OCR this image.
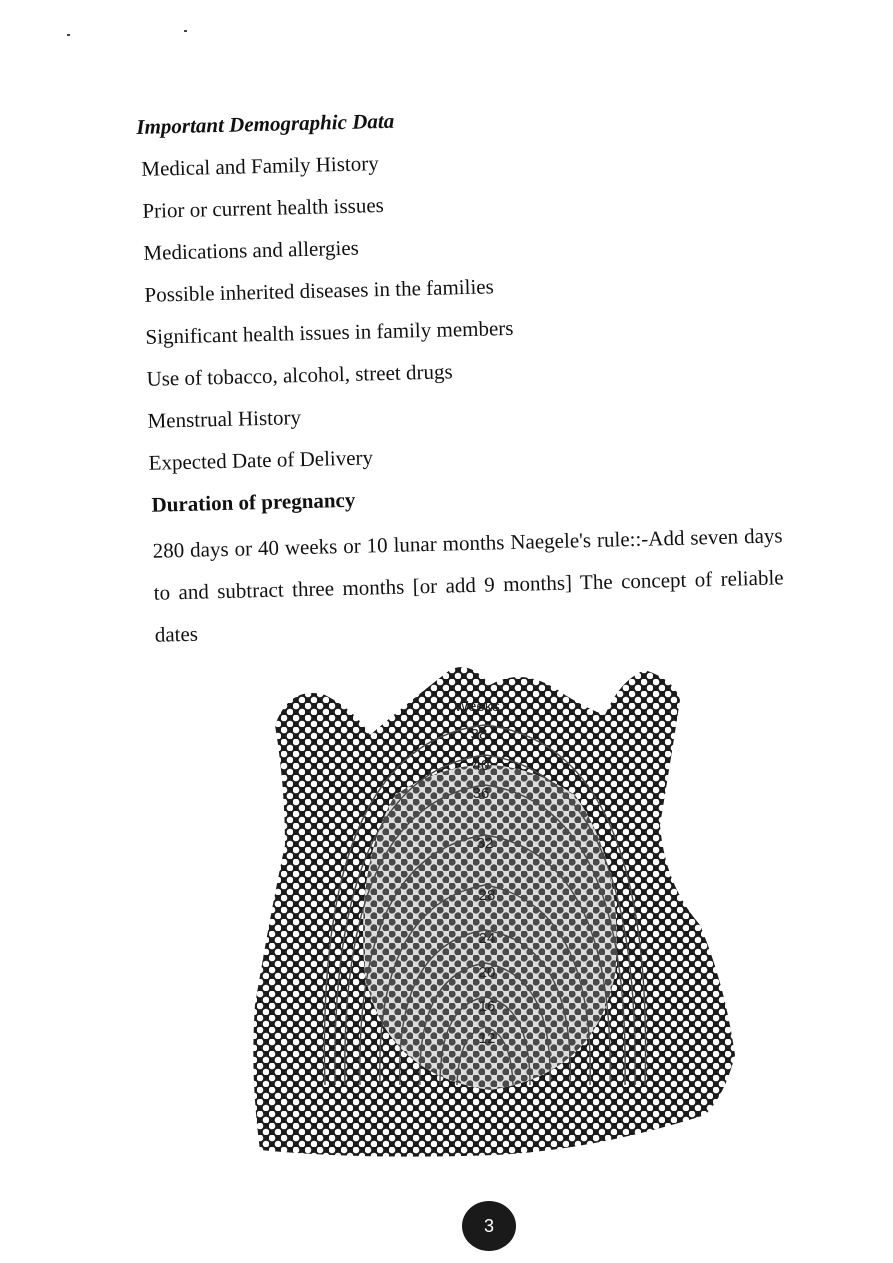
Important Demographic Data
Medical and Family History
Prior or current health issues
Medications and allergies
Possible inherited diseases in the families
Significant health issues in family members
Use of tobacco, alcohol, street drugs
Menstrual History
Expected Date of Delivery
Duration of pregnancy
280 days or 40 weeks or 10 lunar months Naegele's rule::-Add seven days to and subtract three months [or add 9 months] The concept of reliable dates
Weeks
38
40
36
32
28
24
20
16
12
3
